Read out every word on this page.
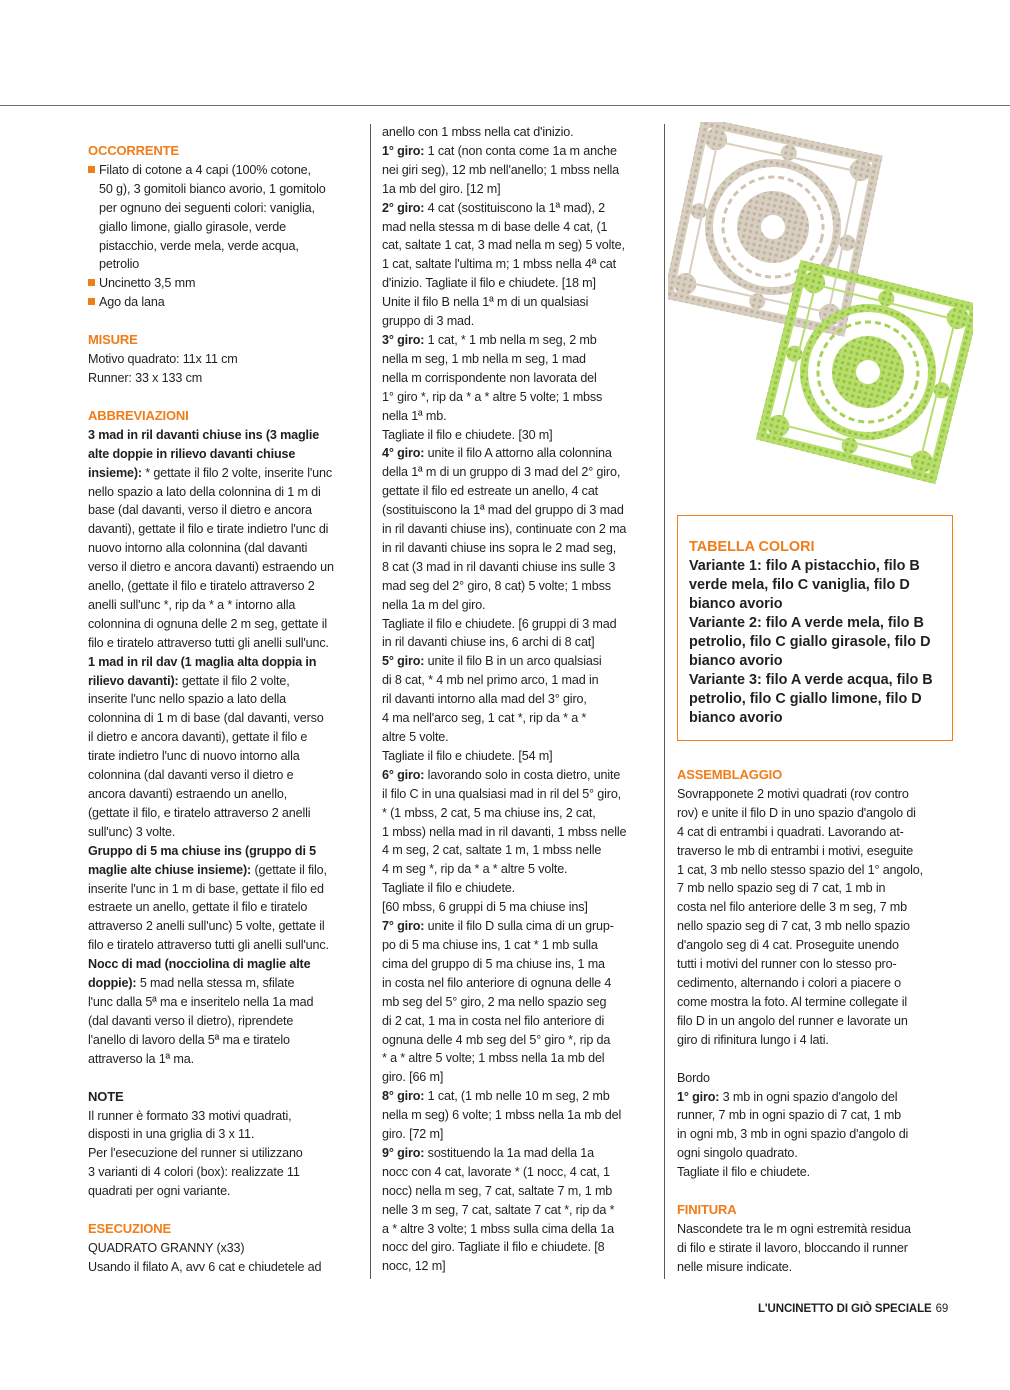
OCCORRENTE
Filato di cotone a 4 capi (100% cotone,
50 g), 3 gomitoli bianco avorio, 1 gomitolo
per ognuno dei seguenti colori: vaniglia,
giallo limone, giallo girasole, verde
pistacchio, verde mela, verde acqua,
petrolio
Uncinetto 3,5 mm
Ago da lana
MISURE
Motivo quadrato: 11x 11 cm
Runner: 33 x 133 cm
ABBREVIAZIONI
3 mad in ril davanti chiuse ins (3 maglie
alte doppie in rilievo davanti chiuse
insieme): * gettate il filo 2 volte, inserite l'unc
nello spazio a lato della colonnina di 1 m di
base (dal davanti, verso il dietro e ancora
davanti), gettate il filo e tirate indietro l'unc di
nuovo intorno alla colonnina (dal davanti
verso il dietro e ancora davanti) estraendo un
anello, (gettate il filo e tiratelo attraverso 2
anelli sull'unc *, rip da * a * intorno alla
colonnina di ognuna delle 2 m seg, gettate il
filo e tiratelo attraverso tutti gli anelli sull'unc.
1 mad in ril dav (1 maglia alta doppia in
rilievo davanti): gettate il filo 2 volte,
inserite l'unc nello spazio a lato della
colonnina di 1 m di base (dal davanti, verso
il dietro e ancora davanti), gettate il filo e
tirate indietro l'unc di nuovo intorno alla
colonnina (dal davanti verso il dietro e
ancora davanti) estraendo un anello,
(gettate il filo, e tiratelo attraverso 2 anelli
sull'unc) 3 volte.
Gruppo di 5 ma chiuse ins (gruppo di 5
maglie alte chiuse insieme): (gettate il filo,
inserite l'unc in 1 m di base, gettate il filo ed
estraete un anello, gettate il filo e tiratelo
attraverso 2 anelli sull'unc) 5 volte, gettate il
filo e tiratelo attraverso tutti gli anelli sull'unc.
Nocc di mad (nocciolina di maglie alte
doppie): 5 mad nella stessa m, sfilate
l'unc dalla 5ª ma e inseritelo nella 1a mad
(dal davanti verso il dietro), riprendete
l'anello di lavoro della 5ª ma e tiratelo
attraverso la 1ª ma.
NOTE
Il runner è formato 33 motivi quadrati,
disposti in una griglia di 3 x 11.
Per l'esecuzione del runner si utilizzano
3 varianti di 4 colori (box): realizzate 11
quadrati per ogni variante.
ESECUZIONE
QUADRATO GRANNY (x33)
Usando il filato A, avv 6 cat e chiudetele ad
anello con 1 mbss nella cat d'inizio.
1° giro: 1 cat (non conta come 1a m anche
nei giri seg), 12 mb nell'anello; 1 mbss nella
1a mb del giro. [12 m]
2° giro: 4 cat (sostituiscono la 1ª mad), 2
mad nella stessa m di base delle 4 cat, (1
cat, saltate 1 cat, 3 mad nella m seg) 5 volte,
1 cat, saltate l'ultima m; 1 mbss nella 4ª cat
d'inizio. Tagliate il filo e chiudete. [18 m]
Unite il filo B nella 1ª m di un qualsiasi
gruppo di 3 mad.
3° giro: 1 cat, * 1 mb nella m seg, 2 mb
nella m seg, 1 mb nella m seg, 1 mad
nella m corrispondente non lavorata del
1° giro *, rip da * a * altre 5 volte; 1 mbss
nella 1ª mb.
Tagliate il filo e chiudete. [30 m]
4° giro: unite il filo A attorno alla colonnina
della 1ª m di un gruppo di 3 mad del 2° giro,
gettate il filo ed estreate un anello, 4 cat
(sostituiscono la 1ª mad del gruppo di 3 mad
in ril davanti chiuse ins), continuate con 2 ma
in ril davanti chiuse ins sopra le 2 mad seg,
8 cat (3 mad in ril davanti chiuse ins sulle 3
mad seg del 2° giro, 8 cat) 5 volte; 1 mbss
nella 1a m del giro.
Tagliate il filo e chiudete. [6 gruppi di 3 mad
in ril davanti chiuse ins, 6 archi di 8 cat]
5° giro: unite il filo B in un arco qualsiasi
di 8 cat, * 4 mb nel primo arco, 1 mad in
ril davanti intorno alla mad del 3° giro,
4 ma nell'arco seg, 1 cat *, rip da * a *
altre 5 volte.
Tagliate il filo e chiudete. [54 m]
6° giro: lavorando solo in costa dietro, unite
il filo C in una qualsiasi mad in ril del 5° giro,
* (1 mbss, 2 cat, 5 ma chiuse ins, 2 cat,
1 mbss) nella mad in ril davanti, 1 mbss nelle
4 m seg, 2 cat, saltate 1 m, 1 mbss nelle
4 m seg *, rip da * a * altre 5 volte.
Tagliate il filo e chiudete.
[60 mbss, 6 gruppi di 5 ma chiuse ins]
7° giro: unite il filo D sulla cima di un grup-
po di 5 ma chiuse ins, 1 cat * 1 mb sulla
cima del gruppo di 5 ma chiuse ins, 1 ma
in costa nel filo anteriore di ognuna delle 4
mb seg del 5° giro, 2 ma nello spazio seg
di 2 cat, 1 ma in costa nel filo anteriore di
ognuna delle 4 mb seg del 5° giro *, rip da
* a * altre 5 volte; 1 mbss nella 1a mb del
giro. [66 m]
8° giro: 1 cat, (1 mb nelle 10 m seg, 2 mb
nella m seg) 6 volte; 1 mbss nella 1a mb del
giro. [72 m]
9° giro: sostituendo la 1a mad della 1a
nocc con 4 cat, lavorate * (1 nocc, 4 cat, 1
nocc) nella m seg, 7 cat, saltate 7 m, 1 mb
nelle 3 m seg, 7 cat, saltate 7 cat *, rip da *
a * altre 3 volte; 1 mbss sulla cima della 1a
nocc del giro. Tagliate il filo e chiudete. [8
nocc, 12 m]
TABELLA COLORI
Variante 1: filo A pistacchio, filo B
verde mela, filo C vaniglia, filo D
bianco avorio
Variante 2: filo A verde mela, filo B
petrolio, filo C giallo girasole, filo D
bianco avorio
Variante 3: filo A verde acqua, filo B
petrolio, filo C giallo limone, filo D
bianco avorio
ASSEMBLAGGIO
Sovrapponete 2 motivi quadrati (rov contro
rov) e unite il filo D in uno spazio d'angolo di
4 cat di entrambi i quadrati. Lavorando at-
traverso le mb di entrambi i motivi, eseguite
1 cat, 3 mb nello stesso spazio del 1° angolo,
7 mb nello spazio seg di 7 cat, 1 mb in
costa nel filo anteriore delle 3 m seg, 7 mb
nello spazio seg di 7 cat, 3 mb nello spazio
d'angolo seg di 4 cat. Proseguite unendo
tutti i motivi del runner con lo stesso pro-
cedimento, alternando i colori a piacere o
come mostra la foto. Al termine collegate il
filo D in un angolo del runner e lavorate un
giro di rifinitura lungo i 4 lati.
Bordo
1° giro: 3 mb in ogni spazio d'angolo del
runner, 7 mb in ogni spazio di 7 cat, 1 mb
in ogni mb, 3 mb in ogni spazio d'angolo di
ogni singolo quadrato.
Tagliate il filo e chiudete.
FINITURA
Nascondete tra le m ogni estremità residua
di filo e stirate il lavoro, bloccando il runner
nelle misure indicate.
L'UNCINETTO DI GIÒ SPECIALE 69
